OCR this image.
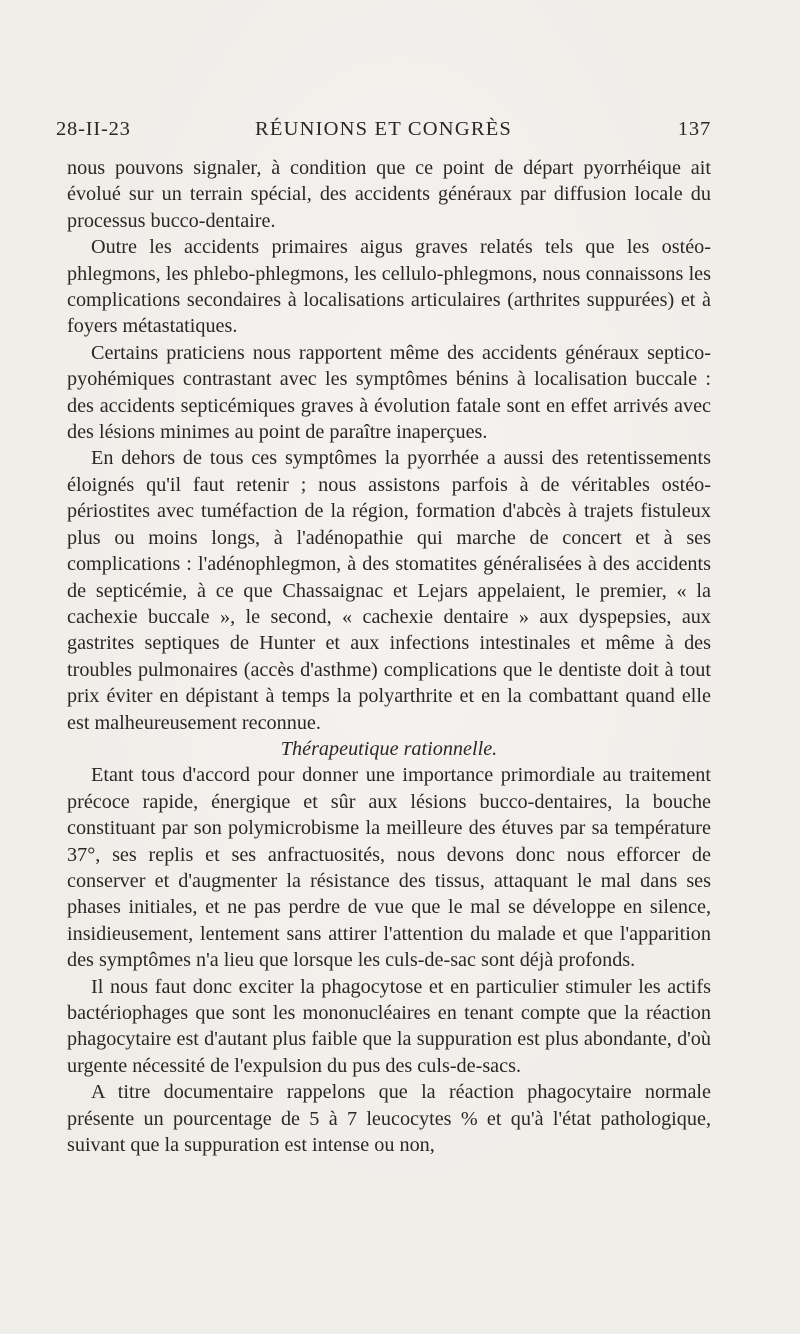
28-II-23	RÉUNIONS ET CONGRÈS	137

nous pouvons signaler, à condition que ce point de départ pyorrhéique ait évolué sur un terrain spécial, des accidents généraux par diffusion locale du processus bucco-dentaire.

Outre les accidents primaires aigus graves relatés tels que les ostéo-phlegmons, les phlebo-phlegmons, les cellulo-phlegmons, nous connaissons les complications secondaires à localisations articulaires (arthrites suppurées) et à foyers métastatiques.

Certains praticiens nous rapportent même des accidents généraux septico-pyohémiques contrastant avec les symptômes bénins à localisation buccale : des accidents septicémiques graves à évolution fatale sont en effet arrivés avec des lésions minimes au point de paraître inaperçues.

En dehors de tous ces symptômes la pyorrhée a aussi des retentissements éloignés qu'il faut retenir ; nous assistons parfois à de véritables ostéo-périostites avec tuméfaction de la région, formation d'abcès à trajets fistuleux plus ou moins longs, à l'adénopathie qui marche de concert et à ses complications : l'adénophlegmon, à des stomatites généralisées à des accidents de septicémie, à ce que Chassaignac et Lejars appelaient, le premier, « la cachexie buccale », le second, « cachexie dentaire » aux dyspepsies, aux gastrites septiques de Hunter et aux infections intestinales et même à des troubles pulmonaires (accès d'asthme) complications que le dentiste doit à tout prix éviter en dépistant à temps la polyarthrite et en la combattant quand elle est malheureusement reconnue.

Thérapeutique rationnelle.

Etant tous d'accord pour donner une importance primordiale au traitement précoce rapide, énergique et sûr aux lésions bucco-dentaires, la bouche constituant par son polymicrobisme la meilleure des étuves par sa température 37°, ses replis et ses anfractuosités, nous devons donc nous efforcer de conserver et d'augmenter la résistance des tissus, attaquant le mal dans ses phases initiales, et ne pas perdre de vue que le mal se développe en silence, insidieusement, lentement sans attirer l'attention du malade et que l'apparition des symptômes n'a lieu que lorsque les culs-de-sac sont déjà profonds.

Il nous faut donc exciter la phagocytose et en particulier stimuler les actifs bactériophages que sont les mononucléaires en tenant compte que la réaction phagocytaire est d'autant plus faible que la suppuration est plus abondante, d'où urgente nécessité de l'expulsion du pus des culs-de-sacs.

A titre documentaire rappelons que la réaction phagocytaire normale présente un pourcentage de 5 à 7 leucocytes % et qu'à l'état pathologique, suivant que la suppuration est intense ou non,
